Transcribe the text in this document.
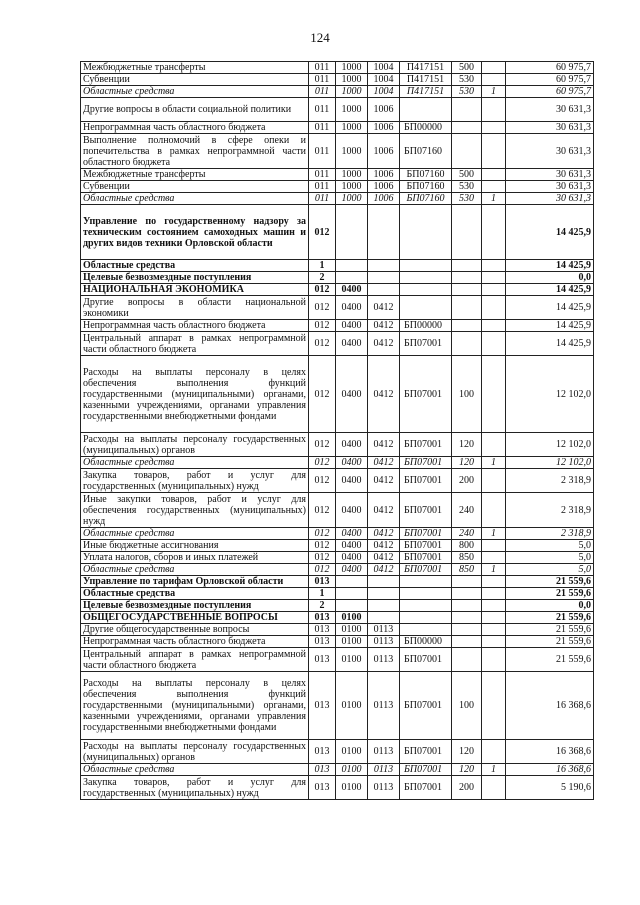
124
Межбюджетные трансферты	011	1000	1004	П417151	500		60 975,7
Субвенции	011	1000	1004	П417151	530		60 975,7
Областные средства	011	1000	1004	П417151	530	1	60 975,7
Другие вопросы в области социальной политики	011	1000	1006				30 631,3
Непрограммная часть областного бюджета	011	1000	1006	БП00000			30 631,3
Выполнение полномочий в сфере опеки и попечительства в рамках непрограммной части областного бюджета	011	1000	1006	БП07160			30 631,3
Межбюджетные трансферты	011	1000	1006	БП07160	500		30 631,3
Субвенции	011	1000	1006	БП07160	530		30 631,3
Областные средства	011	1000	1006	БП07160	530	1	30 631,3
Управление по государственному надзору за техническим состоянием самоходных машин и других видов техники Орловской области	012						14 425,9
Областные средства	1						14 425,9
Целевые безвозмездные поступления	2						0,0
НАЦИОНАЛЬНАЯ ЭКОНОМИКА	012	0400					14 425,9
Другие вопросы в области национальной экономики	012	0400	0412				14 425,9
Непрограммная часть областного бюджета	012	0400	0412	БП00000			14 425,9
Центральный аппарат в рамках непрограммной части областного бюджета	012	0400	0412	БП07001			14 425,9
Расходы на выплаты персоналу в целях обеспечения выполнения функций государственными (муниципальными) органами, казенными учреждениями, органами управления государственными внебюджетными фондами	012	0400	0412	БП07001	100		12 102,0
Расходы на выплаты персоналу государственных (муниципальных) органов	012	0400	0412	БП07001	120		12 102,0
Областные средства	012	0400	0412	БП07001	120	1	12 102,0
Закупка товаров, работ и услуг для государственных (муниципальных) нужд	012	0400	0412	БП07001	200		2 318,9
Иные закупки товаров, работ и услуг для обеспечения государственных (муниципальных) нужд	012	0400	0412	БП07001	240		2 318,9
Областные средства	012	0400	0412	БП07001	240	1	2 318,9
Иные бюджетные ассигнования	012	0400	0412	БП07001	800		5,0
Уплата налогов, сборов и иных платежей	012	0400	0412	БП07001	850		5,0
Областные средства	012	0400	0412	БП07001	850	1	5,0
Управление по тарифам Орловской области	013						21 559,6
Областные средства	1						21 559,6
Целевые безвозмездные поступления	2						0,0
ОБЩЕГОСУДАРСТВЕННЫЕ ВОПРОСЫ	013	0100					21 559,6
Другие общегосударственные вопросы	013	0100	0113				21 559,6
Непрограммная часть областного бюджета	013	0100	0113	БП00000			21 559,6
Центральный аппарат в рамках непрограммной части областного бюджета	013	0100	0113	БП07001			21 559,6
Расходы на выплаты персоналу в целях обеспечения выполнения функций государственными (муниципальными) органами, казенными учреждениями, органами управления государственными внебюджетными фондами	013	0100	0113	БП07001	100		16 368,6
Расходы на выплаты персоналу государственных (муниципальных) органов	013	0100	0113	БП07001	120		16 368,6
Областные средства	013	0100	0113	БП07001	120	1	16 368,6
Закупка товаров, работ и услуг для государственных (муниципальных) нужд	013	0100	0113	БП07001	200		5 190,6
